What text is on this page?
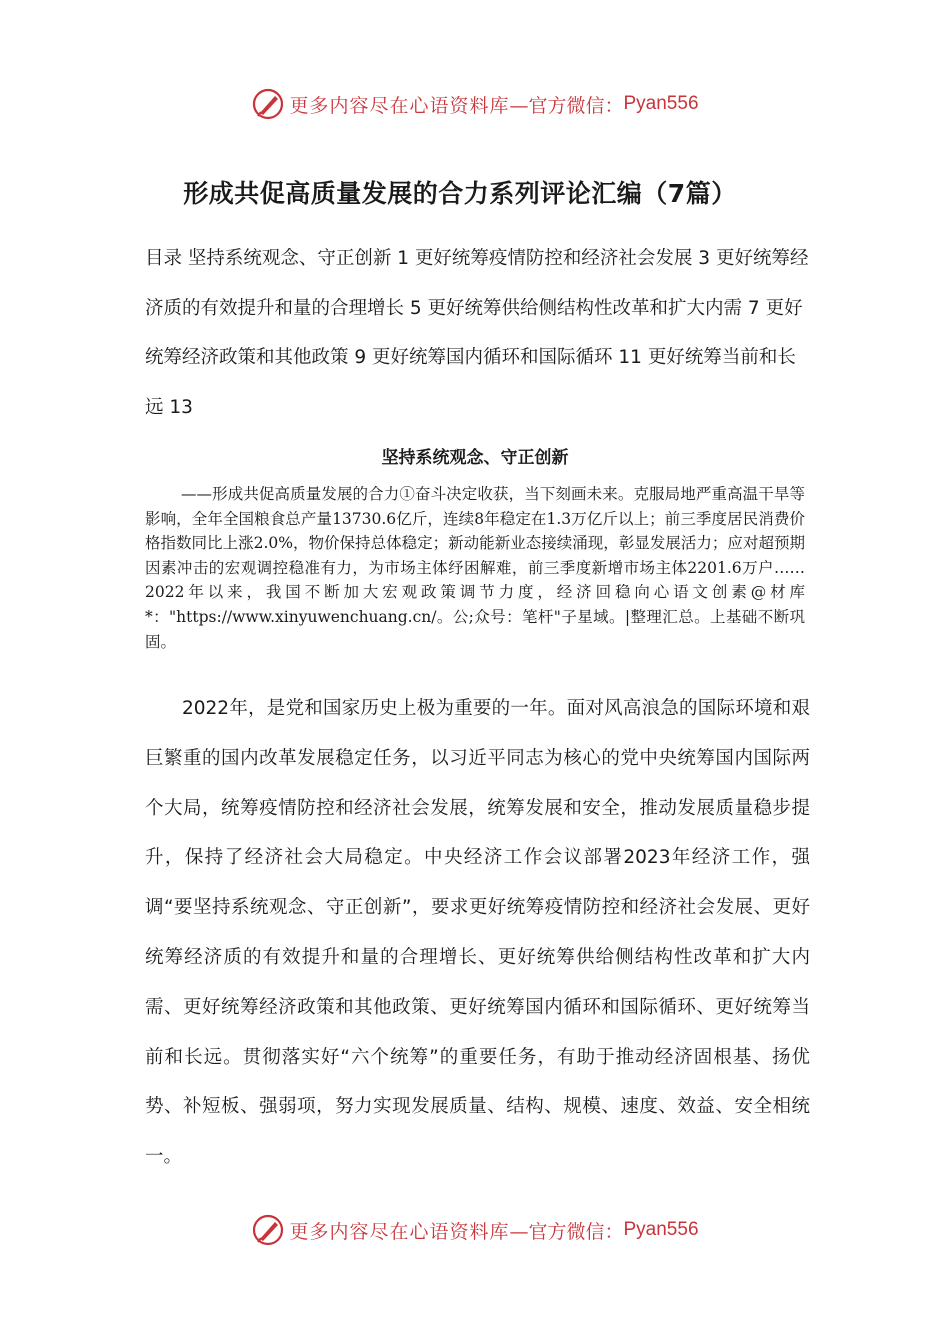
更多内容尽在心语资料库 —官方微信： Pyan556
形成共促高质量发展的合力系列评论汇编（7篇）

目录 坚持系统观念、守正创新 1 更好统筹疫情防控和经济社会发展 3 更好统筹经济质的有效提升和量的合理增长 5 更好统筹供给侧结构性改革和扩大内需 7 更好统筹经济政策和其他政策 9 更好统筹国内循环和国际循环 11 更好统筹当前和长远 13

坚持系统观念、守正创新

——形成共促高质量发展的合力①奋斗决定收获，当下刻画未来。克服局地严重高温干旱等影响，全年全国粮食总产量13730.6亿斤，连续8年稳定在1.3万亿斤以上；前三季度居民消费价格指数同比上涨2.0%，物价保持总体稳定；新动能新业态接续涌现，彰显发展活力；应对超预期因素冲击的宏观调控稳准有力，为市场主体纾困解难，前三季度新增市场主体2201.6万户……2022年以来，我国不断加大宏观政策调节力度，经济回稳向心语文创素@材库*："https://www.xinyuwenchuang.cn/。公;众号：笔杆"子星域。|整理汇总。上基础不断巩固。

2022年，是党和国家历史上极为重要的一年。面对风高浪急的国际环境和艰巨繁重的国内改革发展稳定任务，以习近平同志为核心的党中央统筹国内国际两个大局，统筹疫情防控和经济社会发展，统筹发展和安全，推动发展质量稳步提升，保持了经济社会大局稳定。中央经济工作会议部署2023年经济工作，强调“要坚持系统观念、守正创新”，要求更好统筹疫情防控和经济社会发展、更好统筹经济质的有效提升和量的合理增长、更好统筹供给侧结构性改革和扩大内需、更好统筹经济政策和其他政策、更好统筹国内循环和国际循环、更好统筹当前和长远。贯彻落实好“六个统筹”的重要任务，有助于推动经济固根基、扬优势、补短板、强弱项，努力实现发展质量、结构、规模、速度、效益、安全相统一。

更多内容尽在心语资料库 —官方微信： Pyan556
